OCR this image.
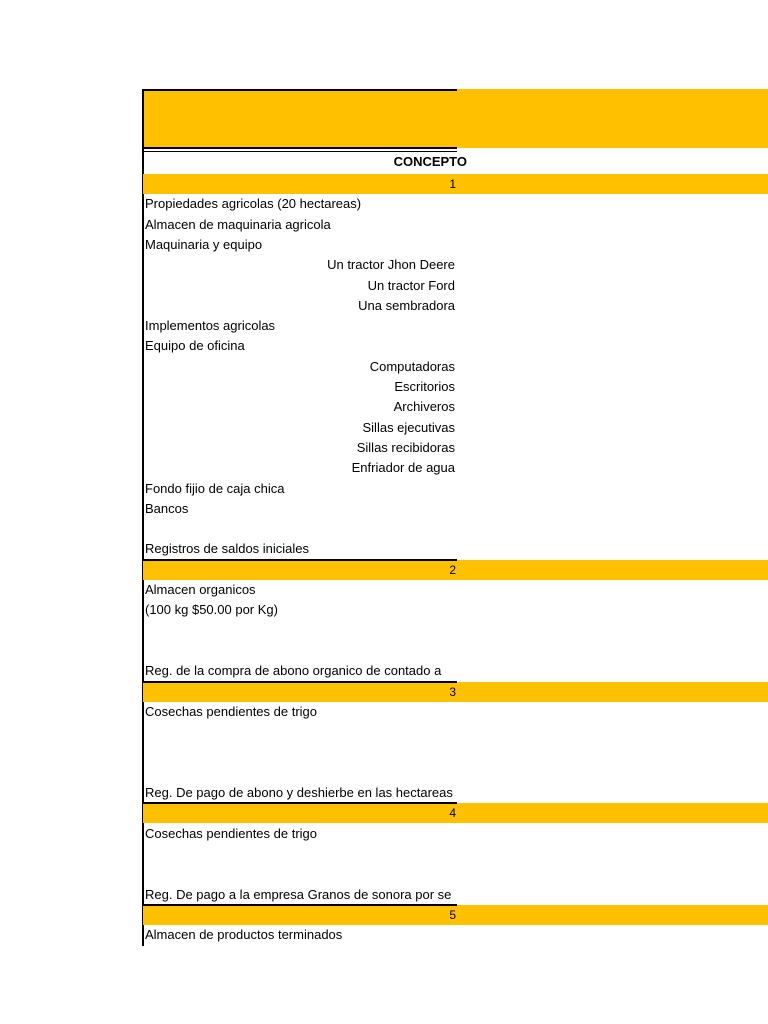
CONCEPTO
1
Propiedades agricolas (20 hectareas)
Almacen de maquinaria agricola
Maquinaria y equipo
Un tractor Jhon Deere
Un tractor Ford
Una sembradora
Implementos agricolas
Equipo de oficina
Computadoras
Escritorios
Archiveros
Sillas ejecutivas
Sillas recibidoras
Enfriador de agua
Fondo fijio de caja chica
Bancos
Registros de saldos iniciales
2
Almacen organicos
(100 kg $50.00 por Kg)
Reg. de la compra de abono organico de contado a
3
Cosechas pendientes de trigo
Reg. De pago de abono y deshierbe en las hectareas
4
Cosechas pendientes de trigo
Reg. De pago a la empresa Granos de sonora por se
5
Almacen de productos terminados
